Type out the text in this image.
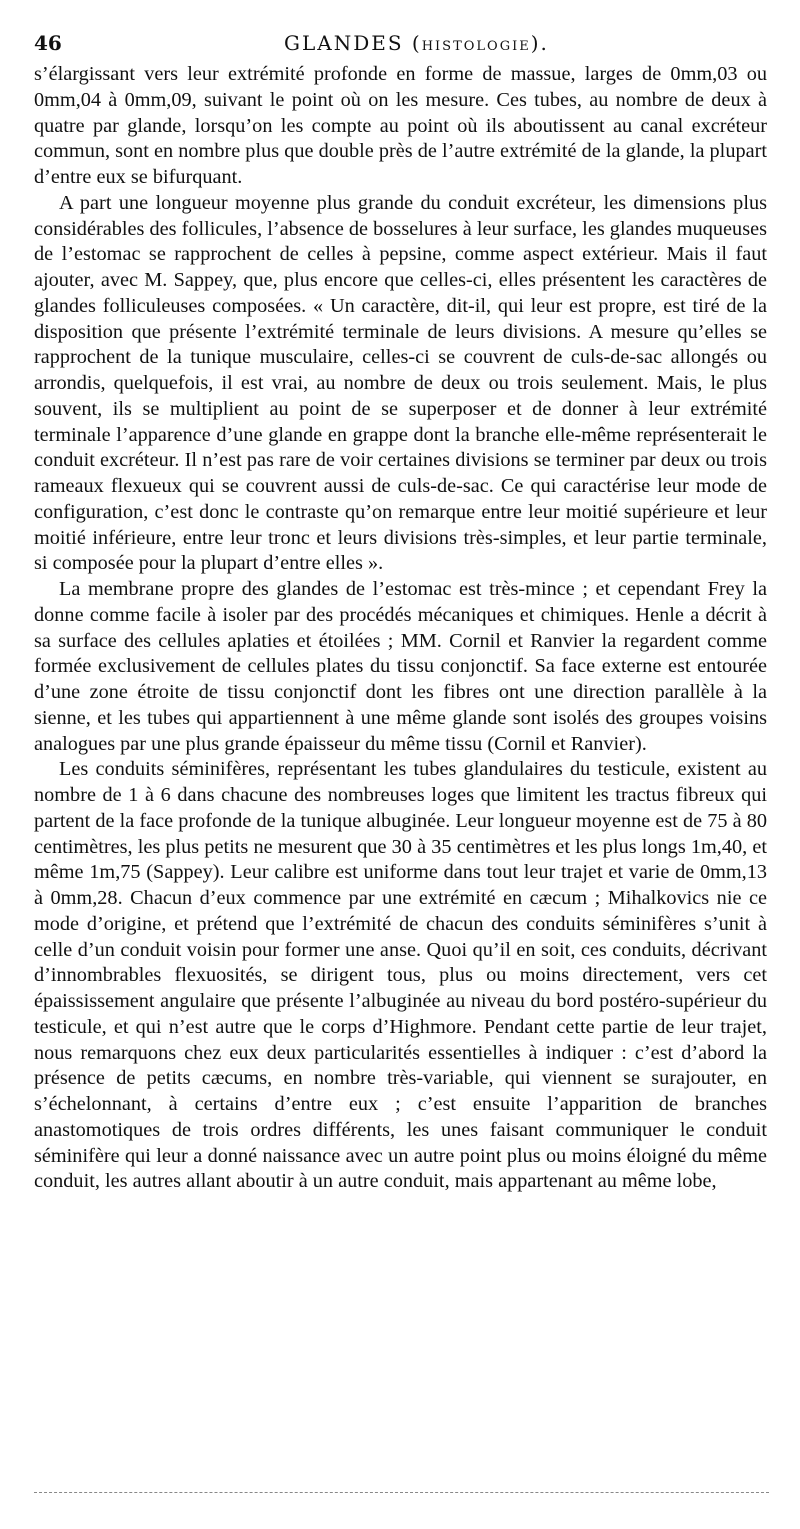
46	GLANDES (HISTOLOGIE).

s’élargissant vers leur extrémité profonde en forme de massue, larges de 0mm,03 ou 0mm,04 à 0mm,09, suivant le point où on les mesure. Ces tubes, au nombre de deux à quatre par glande, lorsqu’on les compte au point où ils aboutissent au canal excréteur commun, sont en nombre plus que double près de l’autre extrémité de la glande, la plupart d’entre eux se bifurquant.

A part une longueur moyenne plus grande du conduit excréteur, les dimensions plus considérables des follicules, l’absence de bosselures à leur surface, les glandes muqueuses de l’estomac se rapprochent de celles à pepsine, comme aspect extérieur. Mais il faut ajouter, avec M. Sappey, que, plus encore que celles-ci, elles présentent les caractères de glandes folliculeuses composées. « Un caractère, dit-il, qui leur est propre, est tiré de la disposition que présente l’extrémité terminale de leurs divisions. A mesure qu’elles se rapprochent de la tunique musculaire, celles-ci se couvrent de culs-de-sac allongés ou arrondis, quelquefois, il est vrai, au nombre de deux ou trois seulement. Mais, le plus souvent, ils se multiplient au point de se superposer et de donner à leur extrémité terminale l’apparence d’une glande en grappe dont la branche elle-même représenterait le conduit excréteur. Il n’est pas rare de voir certaines divisions se terminer par deux ou trois rameaux flexueux qui se couvrent aussi de culs-de-sac. Ce qui caractérise leur mode de configuration, c’est donc le contraste qu’on remarque entre leur moitié supérieure et leur moitié inférieure, entre leur tronc et leurs divisions très-simples, et leur partie terminale, si composée pour la plupart d’entre elles ».

La membrane propre des glandes de l’estomac est très-mince ; et cependant Frey la donne comme facile à isoler par des procédés mécaniques et chimiques. Henle a décrit à sa surface des cellules aplaties et étoilées ; MM. Cornil et Ranvier la regardent comme formée exclusivement de cellules plates du tissu conjonctif. Sa face externe est entourée d’une zone étroite de tissu conjonctif dont les fibres ont une direction parallèle à la sienne, et les tubes qui appartiennent à une même glande sont isolés des groupes voisins analogues par une plus grande épaisseur du même tissu (Cornil et Ranvier).

Les conduits séminifères, représentant les tubes glandulaires du testicule, existent au nombre de 1 à 6 dans chacune des nombreuses loges que limitent les tractus fibreux qui partent de la face profonde de la tunique albuginée. Leur longueur moyenne est de 75 à 80 centimètres, les plus petits ne mesurent que 30 à 35 centimètres et les plus longs 1m,40, et même 1m,75 (Sappey). Leur calibre est uniforme dans tout leur trajet et varie de 0mm,13 à 0mm,28. Chacun d’eux commence par une extrémité en cæcum ; Mihalkovics nie ce mode d’origine, et prétend que l’extrémité de chacun des conduits séminifères s’unit à celle d’un conduit voisin pour former une anse. Quoi qu’il en soit, ces conduits, décrivant d’innombrables flexuosités, se dirigent tous, plus ou moins directement, vers cet épaississement angulaire que présente l’albuginée au niveau du bord postéro-supérieur du testicule, et qui n’est autre que le corps d’Highmore. Pendant cette partie de leur trajet, nous remarquons chez eux deux particularités essentielles à indiquer : c’est d’abord la présence de petits cæcums, en nombre très-variable, qui viennent se surajouter, en s’échelonnant, à certains d’entre eux ; c’est ensuite l’apparition de branches anastomotiques de trois ordres différents, les unes faisant communiquer le conduit séminifère qui leur a donné naissance avec un autre point plus ou moins éloigné du même conduit, les autres allant aboutir à un autre conduit, mais appartenant au même lobe,
